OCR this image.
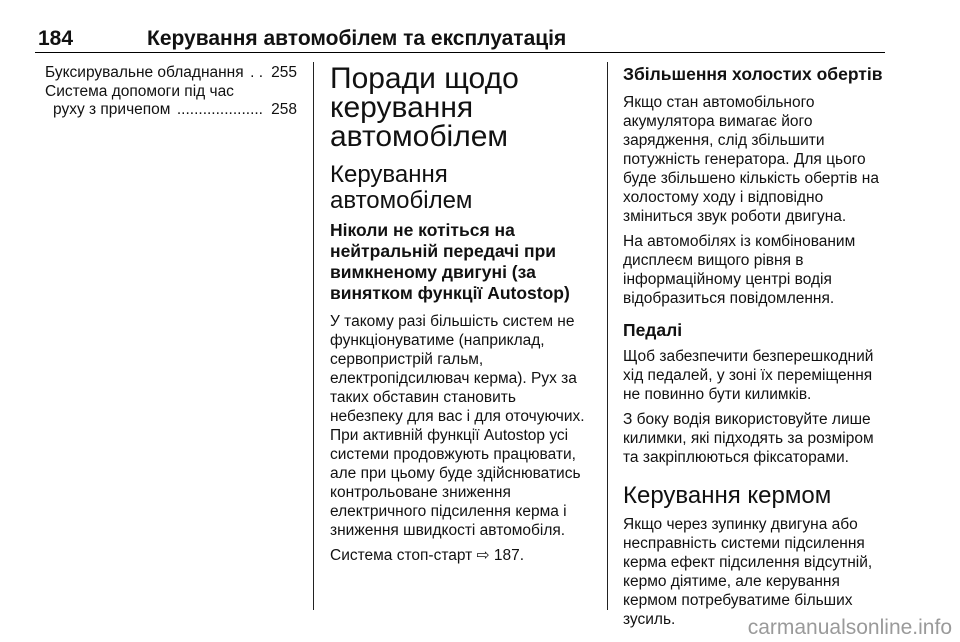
184	Керування автомобілем та експлуатація
Буксирувальне обладнання . . 255
Система допомоги під час
руху з причепом .................... 258
Поради щодо
керування
автомобілем
Керування автомобілем
Ніколи не котіться на
нейтральній передачі при
вимкненому двигуні (за
винятком функції Autostop)

У такому разі більшість систем не
функціонуватиме (наприклад,
сервопристрій гальм,
електропідсилювач керма). Рух за
таких обставин становить
небезпеку для вас і для оточуючих.
При активній функції Autostop усі
системи продовжують працювати,
але при цьому буде здійснюватись
контрольоване зниження
електричного підсилення керма і
зниження швидкості автомобіля.

Система стоп-старт ⇨ 187.

Збільшення холостих обертів

Якщо стан автомобільного
акумулятора вимагає його
зарядження, слід збільшити
потужність генератора. Для цього
буде збільшено кількість обертів на
холостому ходу і відповідно
зміниться звук роботи двигуна.

На автомобілях із комбінованим
дисплеєм вищого рівня в
інформаційному центрі водія
відобразиться повідомлення.

Педалі

Щоб забезпечити безперешкодний
хід педалей, у зоні їх переміщення
не повинно бути килимків.

З боку водія використовуйте лише
килимки, які підходять за розміром
та закріплюються фіксаторами.

Керування кермом

Якщо через зупинку двигуна або
несправність системи підсилення
керма ефект підсилення відсутній,
кермо діятиме, але керування
кермом потребуватиме більших
зусиль.	carmanualsonline.info
